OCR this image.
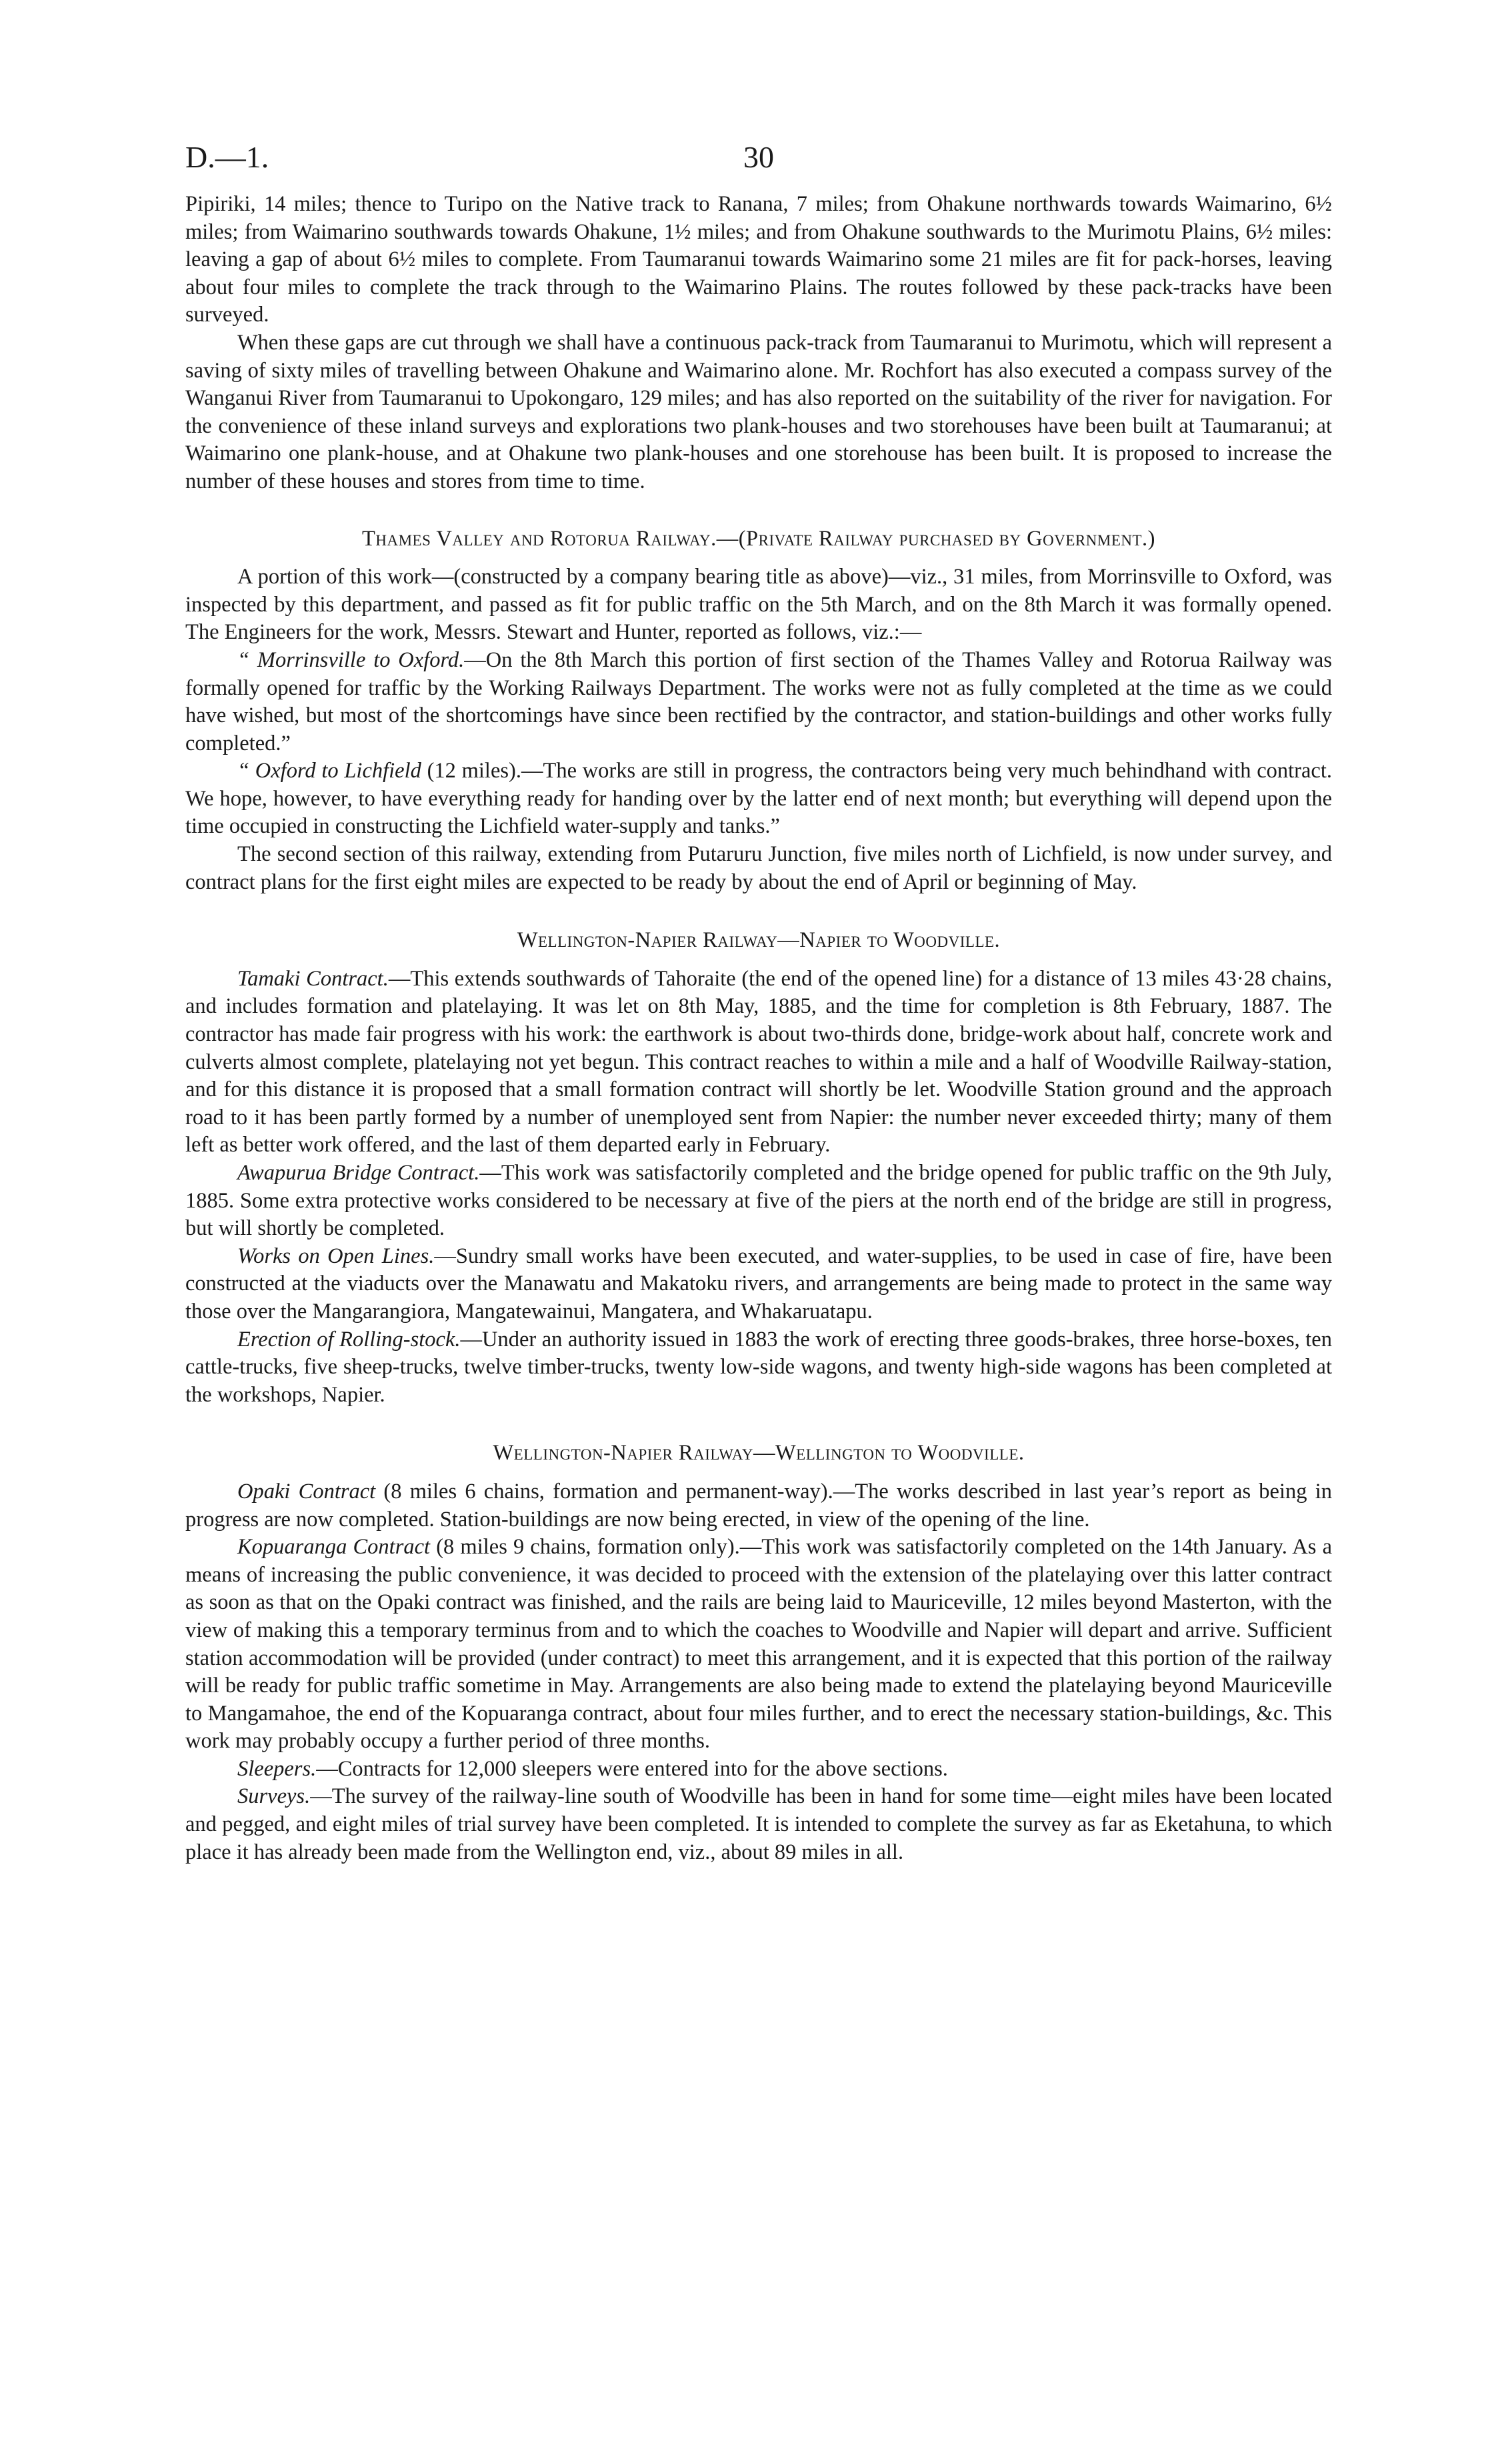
D.—1.	30

Pipiriki, 14 miles; thence to Turipo on the Native track to Ranana, 7 miles; from Ohakune northwards towards Waimarino, 6½ miles; from Waimarino southwards towards Ohakune, 1½ miles; and from Ohakune southwards to the Murimotu Plains, 6½ miles: leaving a gap of about 6½ miles to complete. From Taumaranui towards Waimarino some 21 miles are fit for pack-horses, leaving about four miles to complete the track through to the Waimarino Plains. The routes followed by these pack-tracks have been surveyed.

When these gaps are cut through we shall have a continuous pack-track from Taumaranui to Murimotu, which will represent a saving of sixty miles of travelling between Ohakune and Waimarino alone. Mr. Rochfort has also executed a compass survey of the Wanganui River from Taumaranui to Upokongaro, 129 miles; and has also reported on the suitability of the river for navigation. For the convenience of these inland surveys and explorations two plank-houses and two storehouses have been built at Taumaranui; at Waimarino one plank-house, and at Ohakune two plank-houses and one storehouse has been built. It is proposed to increase the number of these houses and stores from time to time.

Thames Valley and Rotorua Railway.—(Private Railway purchased by Government.)

A portion of this work—(constructed by a company bearing title as above)—viz., 31 miles, from Morrinsville to Oxford, was inspected by this department, and passed as fit for public traffic on the 5th March, and on the 8th March it was formally opened. The Engineers for the work, Messrs. Stewart and Hunter, reported as follows, viz.:—

“ Morrinsville to Oxford.—On the 8th March this portion of first section of the Thames Valley and Rotorua Railway was formally opened for traffic by the Working Railways Department. The works were not as fully completed at the time as we could have wished, but most of the shortcomings have since been rectified by the contractor, and station-buildings and other works fully completed.”

“ Oxford to Lichfield (12 miles).—The works are still in progress, the contractors being very much behindhand with contract. We hope, however, to have everything ready for handing over by the latter end of next month; but everything will depend upon the time occupied in constructing the Lichfield water-supply and tanks.”

The second section of this railway, extending from Putaruru Junction, five miles north of Lichfield, is now under survey, and contract plans for the first eight miles are expected to be ready by about the end of April or beginning of May.

Wellington-Napier Railway—Napier to Woodville.

Tamaki Contract.—This extends southwards of Tahoraite (the end of the opened line) for a distance of 13 miles 43·28 chains, and includes formation and platelaying. It was let on 8th May, 1885, and the time for completion is 8th February, 1887. The contractor has made fair progress with his work: the earthwork is about two-thirds done, bridge-work about half, concrete work and culverts almost complete, platelaying not yet begun. This contract reaches to within a mile and a half of Woodville Railway-station, and for this distance it is proposed that a small formation contract will shortly be let. Woodville Station ground and the approach road to it has been partly formed by a number of unemployed sent from Napier: the number never exceeded thirty; many of them left as better work offered, and the last of them departed early in February.

Awapurua Bridge Contract.—This work was satisfactorily completed and the bridge opened for public traffic on the 9th July, 1885. Some extra protective works considered to be necessary at five of the piers at the north end of the bridge are still in progress, but will shortly be completed.

Works on Open Lines.—Sundry small works have been executed, and water-supplies, to be used in case of fire, have been constructed at the viaducts over the Manawatu and Makatoku rivers, and arrangements are being made to protect in the same way those over the Mangarangiora, Mangatewainui, Mangatera, and Whakaruatapu.

Erection of Rolling-stock.—Under an authority issued in 1883 the work of erecting three goods-brakes, three horse-boxes, ten cattle-trucks, five sheep-trucks, twelve timber-trucks, twenty low-side wagons, and twenty high-side wagons has been completed at the workshops, Napier.

Wellington-Napier Railway—Wellington to Woodville.

Opaki Contract (8 miles 6 chains, formation and permanent-way).—The works described in last year’s report as being in progress are now completed. Station-buildings are now being erected, in view of the opening of the line.

Kopuaranga Contract (8 miles 9 chains, formation only).—This work was satisfactorily completed on the 14th January. As a means of increasing the public convenience, it was decided to proceed with the extension of the platelaying over this latter contract as soon as that on the Opaki contract was finished, and the rails are being laid to Mauriceville, 12 miles beyond Masterton, with the view of making this a temporary terminus from and to which the coaches to Woodville and Napier will depart and arrive. Sufficient station accommodation will be provided (under contract) to meet this arrangement, and it is expected that this portion of the railway will be ready for public traffic sometime in May. Arrangements are also being made to extend the platelaying beyond Mauriceville to Mangamahoe, the end of the Kopuaranga contract, about four miles further, and to erect the necessary station-buildings, &c. This work may probably occupy a further period of three months.

Sleepers.—Contracts for 12,000 sleepers were entered into for the above sections.

Surveys.—The survey of the railway-line south of Woodville has been in hand for some time—eight miles have been located and pegged, and eight miles of trial survey have been completed. It is intended to complete the survey as far as Eketahuna, to which place it has already been made from the Wellington end, viz., about 89 miles in all.
